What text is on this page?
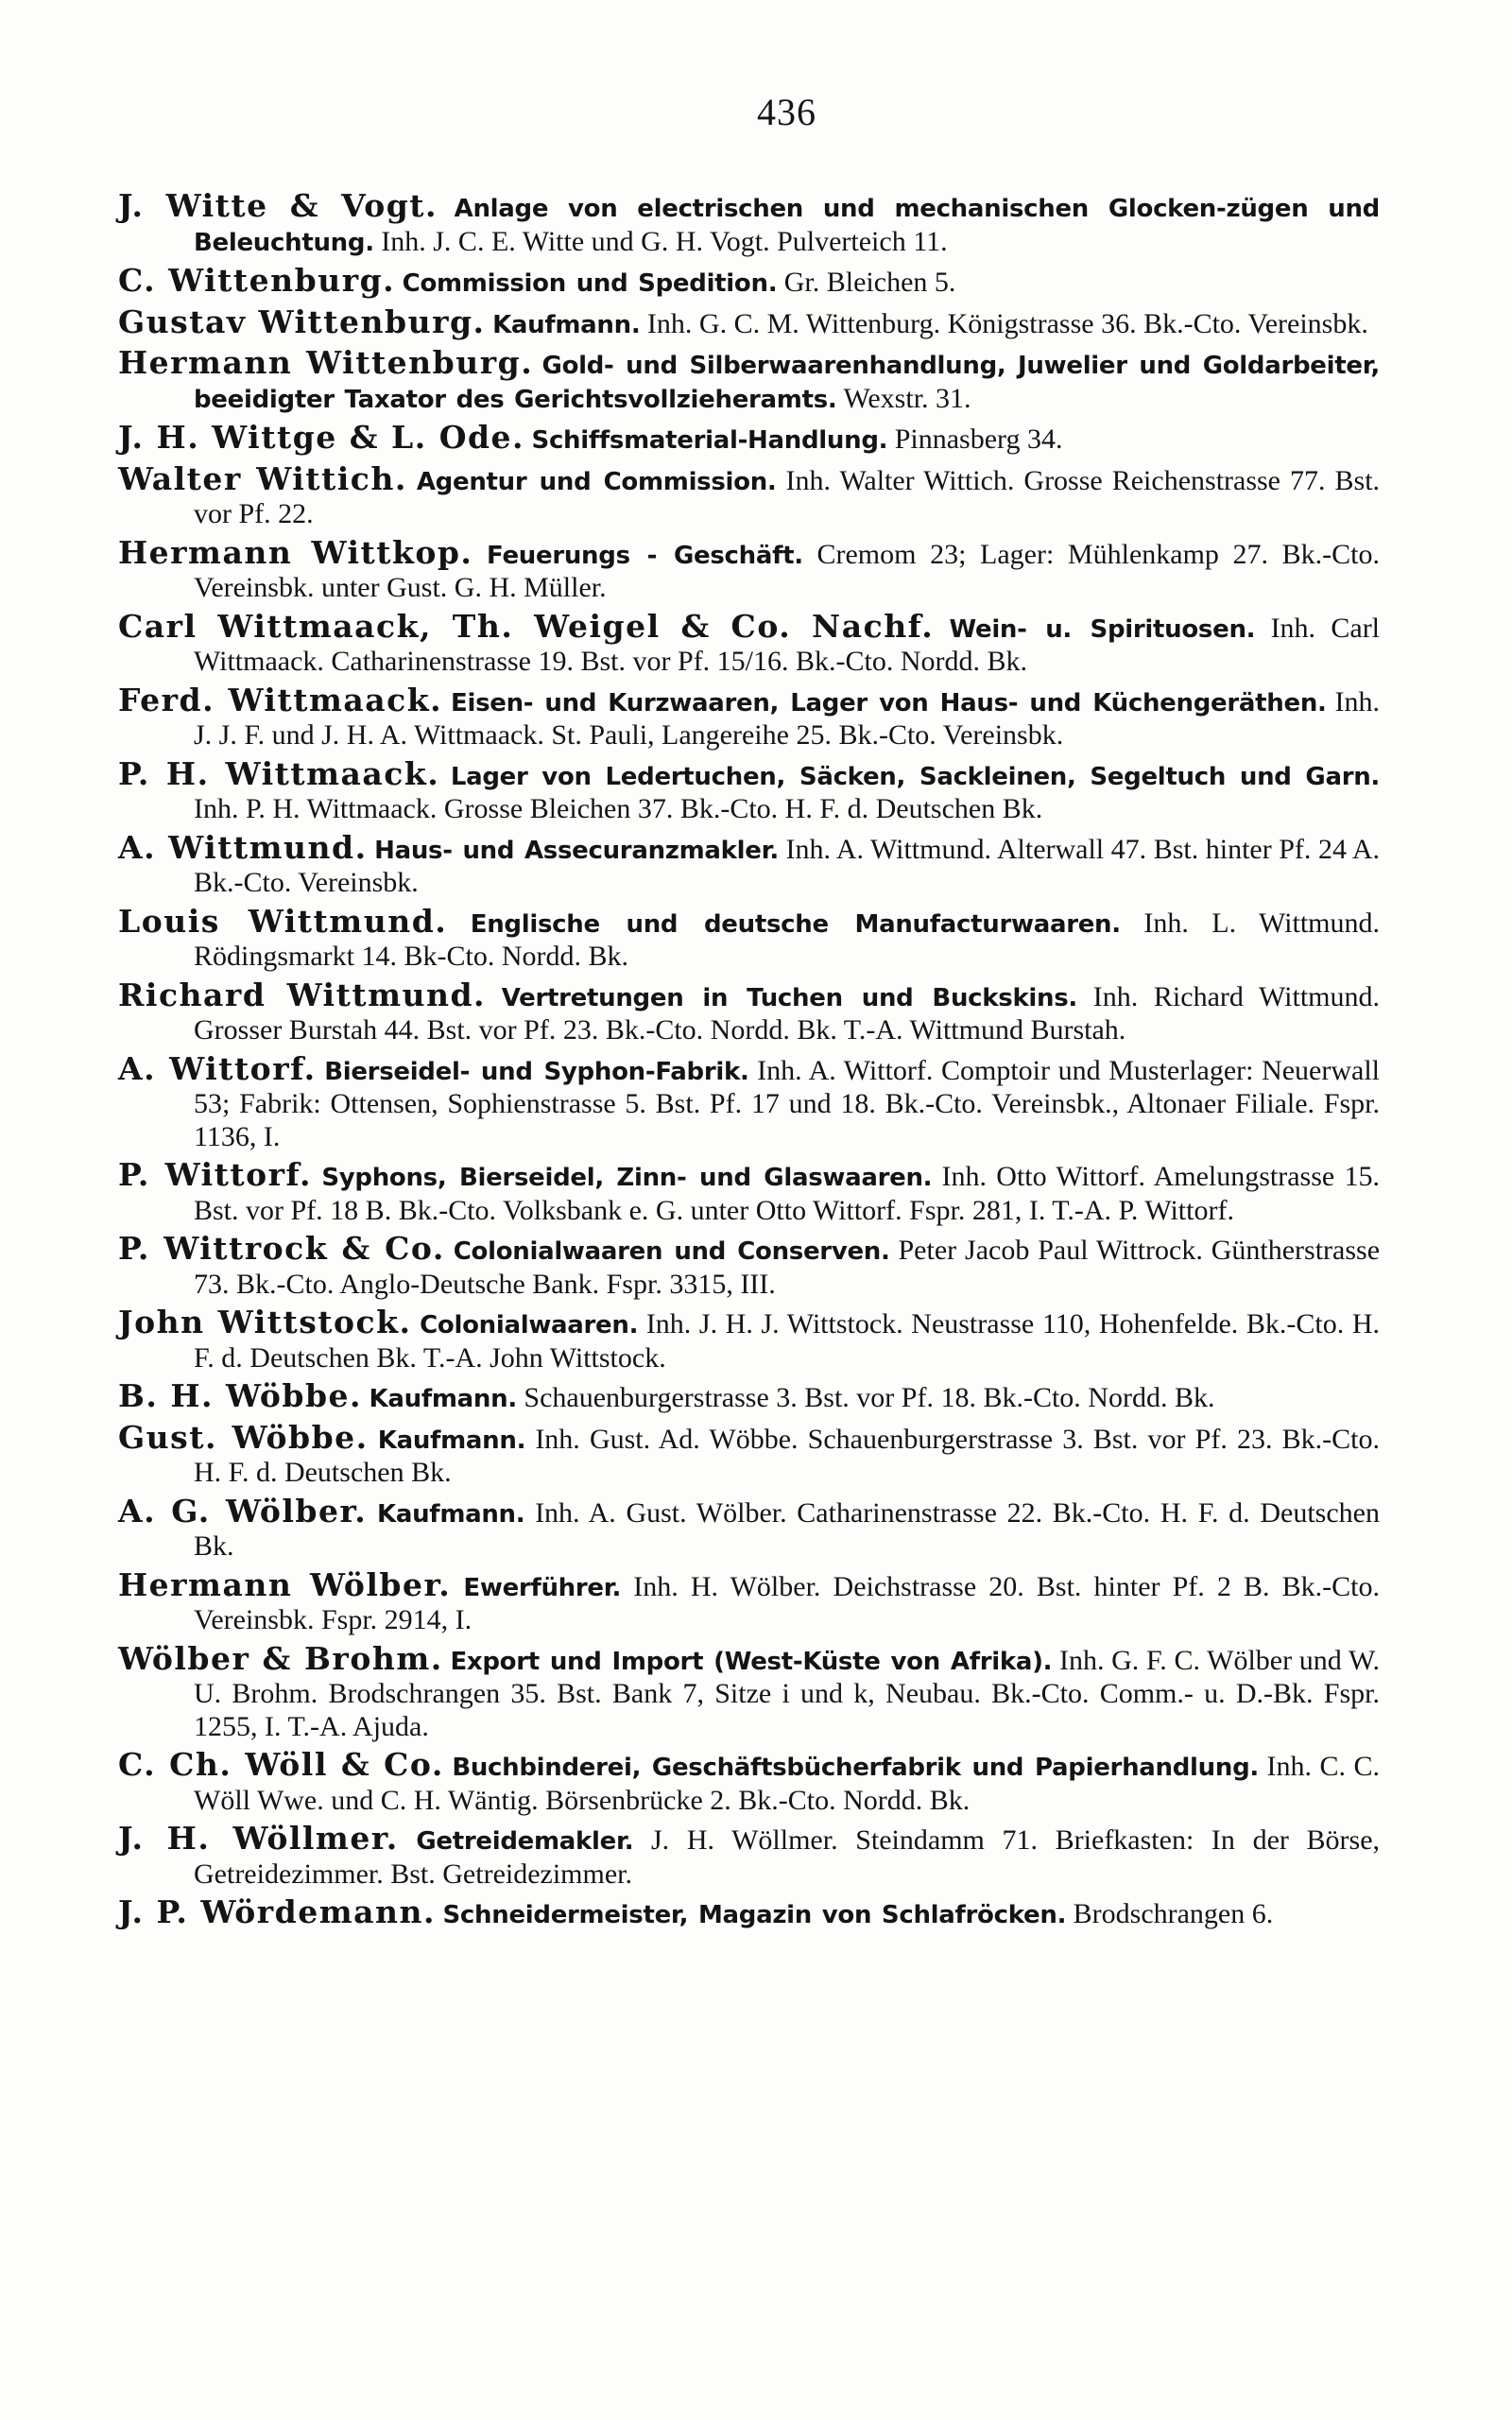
436
J. Witte & Vogt. Anlage von electrischen und mechanischen Glocken-zügen und Beleuchtung. Inh. J. C. E. Witte und G. H. Vogt. Pulverteich 11.
C. Wittenburg. Commission und Spedition. Gr. Bleichen 5.
Gustav Wittenburg. Kaufmann. Inh. G. C. M. Wittenburg. Königstrasse 36. Bk.-Cto. Vereinsbk.
Hermann Wittenburg. Gold- und Silberwaarenhandlung, Juwelier und Goldarbeiter, beeidigter Taxator des Gerichtsvollzieheramts. Wexstr. 31.
J. H. Wittge & L. Ode. Schiffsmaterial-Handlung. Pinnasberg 34.
Walter Wittich. Agentur und Commission. Inh. Walter Wittich. Grosse Reichenstrasse 77. Bst. vor Pf. 22.
Hermann Wittkop. Feuerungs - Geschäft. Cremom 23; Lager: Mühlenkamp 27. Bk.-Cto. Vereinsbk. unter Gust. G. H. Müller.
Carl Wittmaack, Th. Weigel & Co. Nachf. Wein- u. Spirituosen. Inh. Carl Wittmaack. Catharinenstrasse 19. Bst. vor Pf. 15/16. Bk.-Cto. Nordd. Bk.
Ferd. Wittmaack. Eisen- und Kurzwaaren, Lager von Haus- und Küchengeräthen. Inh. J. J. F. und J. H. A. Wittmaack. St. Pauli, Langereihe 25. Bk.-Cto. Vereinsbk.
P. H. Wittmaack. Lager von Ledertuchen, Säcken, Sackleinen, Segeltuch und Garn. Inh. P. H. Wittmaack. Grosse Bleichen 37. Bk.-Cto. H. F. d. Deutschen Bk.
A. Wittmund. Haus- und Assecuranzmakler. Inh. A. Wittmund. Alterwall 47. Bst. hinter Pf. 24 A. Bk.-Cto. Vereinsbk.
Louis Wittmund. Englische und deutsche Manufacturwaaren. Inh. L. Wittmund. Rödingsmarkt 14. Bk-Cto. Nordd. Bk.
Richard Wittmund. Vertretungen in Tuchen und Buckskins. Inh. Richard Wittmund. Grosser Burstah 44. Bst. vor Pf. 23. Bk.-Cto. Nordd. Bk. T.-A. Wittmund Burstah.
A. Wittorf. Bierseidel- und Syphon-Fabrik. Inh. A. Wittorf. Comptoir und Musterlager: Neuerwall 53; Fabrik: Ottensen, Sophienstrasse 5. Bst. Pf. 17 und 18. Bk.-Cto. Vereinsbk., Altonaer Filiale. Fspr. 1136, I.
P. Wittorf. Syphons, Bierseidel, Zinn- und Glaswaaren. Inh. Otto Wittorf. Amelungstrasse 15. Bst. vor Pf. 18 B. Bk.-Cto. Volksbank e. G. unter Otto Wittorf. Fspr. 281, I. T.-A. P. Wittorf.
P. Wittrock & Co. Colonialwaaren und Conserven. Peter Jacob Paul Wittrock. Güntherstrasse 73. Bk.-Cto. Anglo-Deutsche Bank. Fspr. 3315, III.
John Wittstock. Colonialwaaren. Inh. J. H. J. Wittstock. Neustrasse 110, Hohenfelde. Bk.-Cto. H. F. d. Deutschen Bk. T.-A. John Wittstock.
B. H. Wöbbe. Kaufmann. Schauenburgerstrasse 3. Bst. vor Pf. 18. Bk.-Cto. Nordd. Bk.
Gust. Wöbbe. Kaufmann. Inh. Gust. Ad. Wöbbe. Schauenburgerstrasse 3. Bst. vor Pf. 23. Bk.-Cto. H. F. d. Deutschen Bk.
A. G. Wölber. Kaufmann. Inh. A. Gust. Wölber. Catharinenstrasse 22. Bk.-Cto. H. F. d. Deutschen Bk.
Hermann Wölber. Ewerführer. Inh. H. Wölber. Deichstrasse 20. Bst. hinter Pf. 2 B. Bk.-Cto. Vereinsbk. Fspr. 2914, I.
Wölber & Brohm. Export und Import (West-Küste von Afrika). Inh. G. F. C. Wölber und W. U. Brohm. Brodschrangen 35. Bst. Bank 7, Sitze i und k, Neubau. Bk.-Cto. Comm.- u. D.-Bk. Fspr. 1255, I. T.-A. Ajuda.
C. Ch. Wöll & Co. Buchbinderei, Geschäftsbücherfabrik und Papierhandlung. Inh. C. C. Wöll Wwe. und C. H. Wäntig. Börsenbrücke 2. Bk.-Cto. Nordd. Bk.
J. H. Wöllmer. Getreidemakler. J. H. Wöllmer. Steindamm 71. Briefkasten: In der Börse, Getreidezimmer. Bst. Getreidezimmer.
J. P. Wördemann. Schneidermeister, Magazin von Schlafröcken. Brodschrangen 6.
